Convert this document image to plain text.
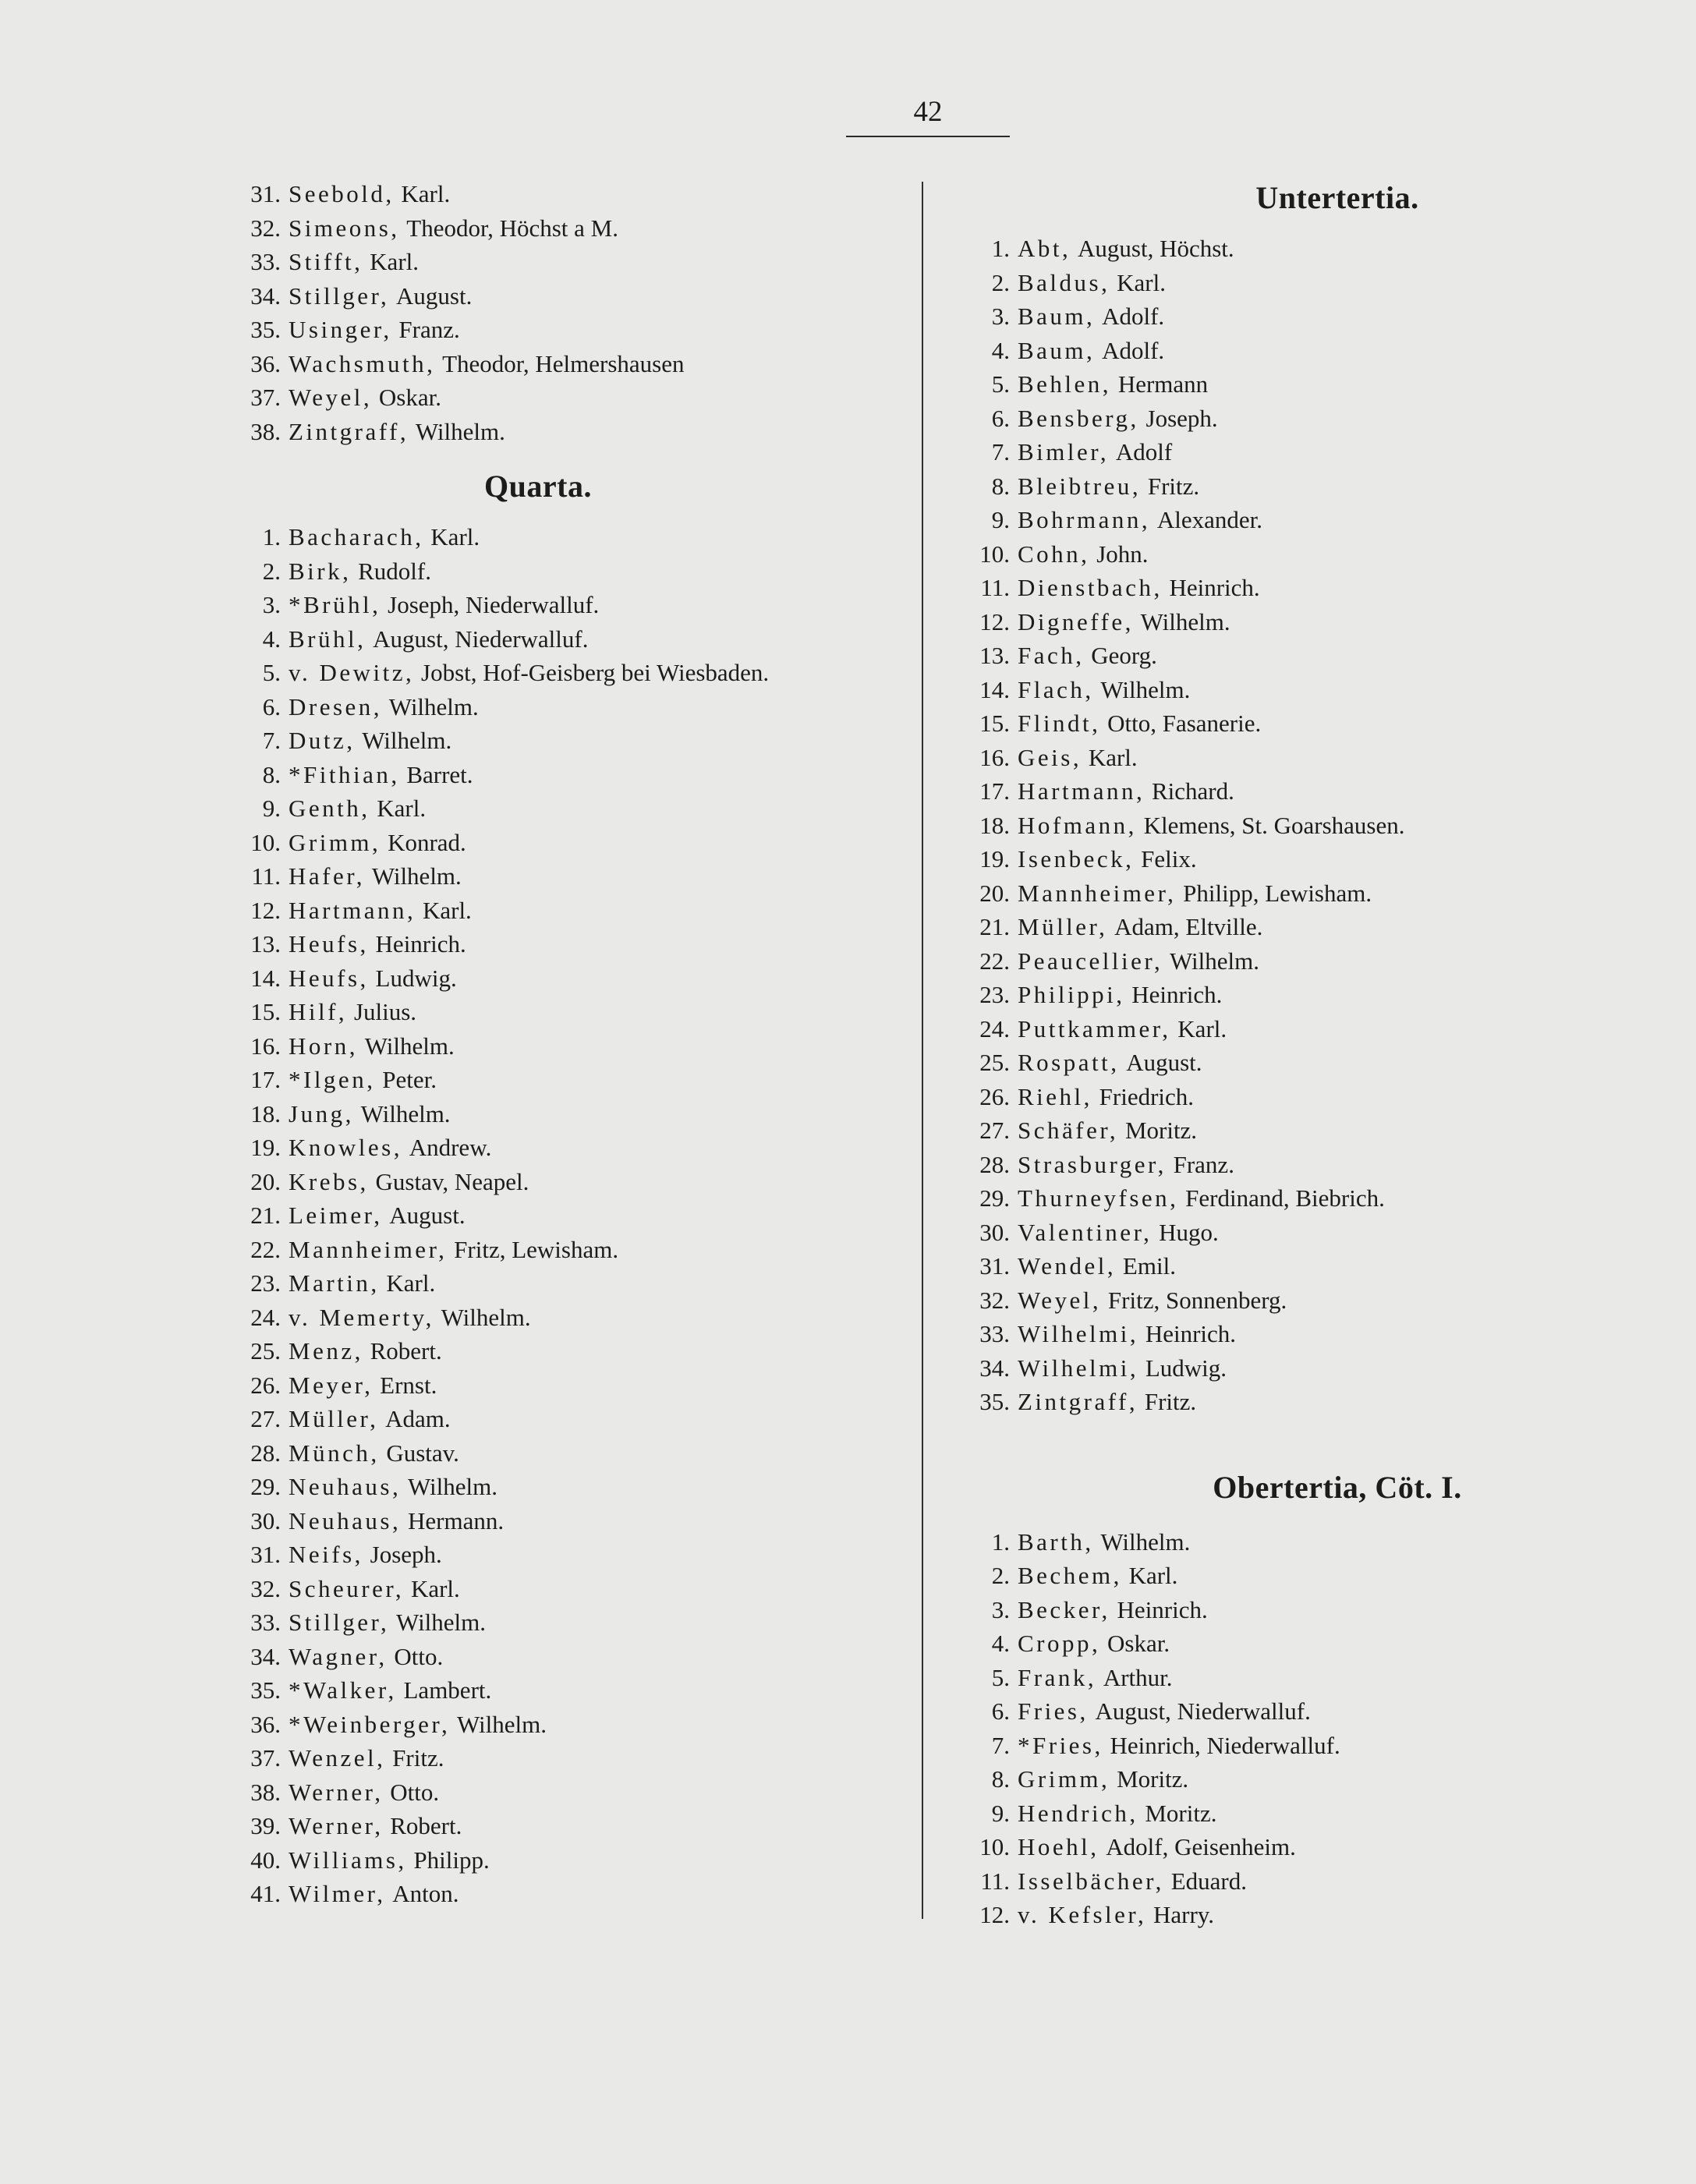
42
31. Seebold,
Karl.
32. Simeons,
Theodor, Höchst a M.
33. Stifft,
Karl.
34. Stillger,
August.
35. Usinger,
Franz.
36. Wachsmuth,
Theodor, Helmershausen
37. Weyel,
Oskar.
38. Zintgraff,
Wilhelm.
Quarta.
1. Bacharach,
Karl.
2. Birk,
Rudolf.
3. *Brühl,
Joseph, Niederwalluf.
4. Brühl,
August, Niederwalluf.
5. v. Dewitz,
Jobst, Hof-Geisberg bei Wiesbaden.
6. Dresen,
Wilhelm.
7. Dutz,
Wilhelm.
8. *Fithian,
Barret.
9. Genth,
Karl.
10. Grimm,
Konrad.
11. Hafer,
Wilhelm.
12. Hartmann,
Karl.
13. Heufs,
Heinrich.
14. Heufs,
Ludwig.
15. Hilf,
Julius.
16. Horn,
Wilhelm.
17. *Ilgen,
Peter.
18. Jung,
Wilhelm.
19. Knowles,
Andrew.
20. Krebs,
Gustav, Neapel.
21. Leimer,
August.
22. Mannheimer,
Fritz, Lewisham.
23. Martin,
Karl.
24. v. Memerty,
Wilhelm.
25. Menz,
Robert.
26. Meyer,
Ernst.
27. Müller,
Adam.
28. Münch,
Gustav.
29. Neuhaus,
Wilhelm.
30. Neuhaus,
Hermann.
31. Neifs,
Joseph.
32. Scheurer,
Karl.
33. Stillger,
Wilhelm.
34. Wagner,
Otto.
35. *Walker,
Lambert.
36. *Weinberger,
Wilhelm.
37. Wenzel,
Fritz.
38. Werner,
Otto.
39. Werner,
Robert.
40. Williams,
Philipp.
41. Wilmer,
Anton.
Untertertia.
1. Abt,
August, Höchst.
2. Baldus,
Karl.
3. Baum,
Adolf.
4. Baum,
Adolf.
5. Behlen,
Hermann
6. Bensberg,
Joseph.
7. Bimler,
Adolf
8. Bleibtreu,
Fritz.
9. Bohrmann,
Alexander.
10. Cohn,
John.
11. Dienstbach,
Heinrich.
12. Digneffe,
Wilhelm.
13. Fach,
Georg.
14. Flach,
Wilhelm.
15. Flindt,
Otto, Fasanerie.
16. Geis,
Karl.
17. Hartmann,
Richard.
18. Hofmann,
Klemens, St. Goarshausen.
19. Isenbeck,
Felix.
20. Mannheimer,
Philipp, Lewisham.
21. Müller,
Adam, Eltville.
22. Peaucellier,
Wilhelm.
23. Philippi,
Heinrich.
24. Puttkammer,
Karl.
25. Rospatt,
August.
26. Riehl,
Friedrich.
27. Schäfer,
Moritz.
28. Strasburger,
Franz.
29. Thurneyfsen,
Ferdinand, Biebrich.
30. Valentiner,
Hugo.
31. Wendel,
Emil.
32. Weyel,
Fritz, Sonnenberg.
33. Wilhelmi,
Heinrich.
34. Wilhelmi,
Ludwig.
35. Zintgraff,
Fritz.
Obertertia, Cöt. I.
1. Barth,
Wilhelm.
2. Bechem,
Karl.
3. Becker,
Heinrich.
4. Cropp,
Oskar.
5. Frank,
Arthur.
6. Fries,
August, Niederwalluf.
7. *Fries,
Heinrich, Niederwalluf.
8. Grimm,
Moritz.
9. Hendrich,
Moritz.
10. Hoehl,
Adolf, Geisenheim.
11. Isselbächer,
Eduard.
12. v. Kefsler,
Harry.
